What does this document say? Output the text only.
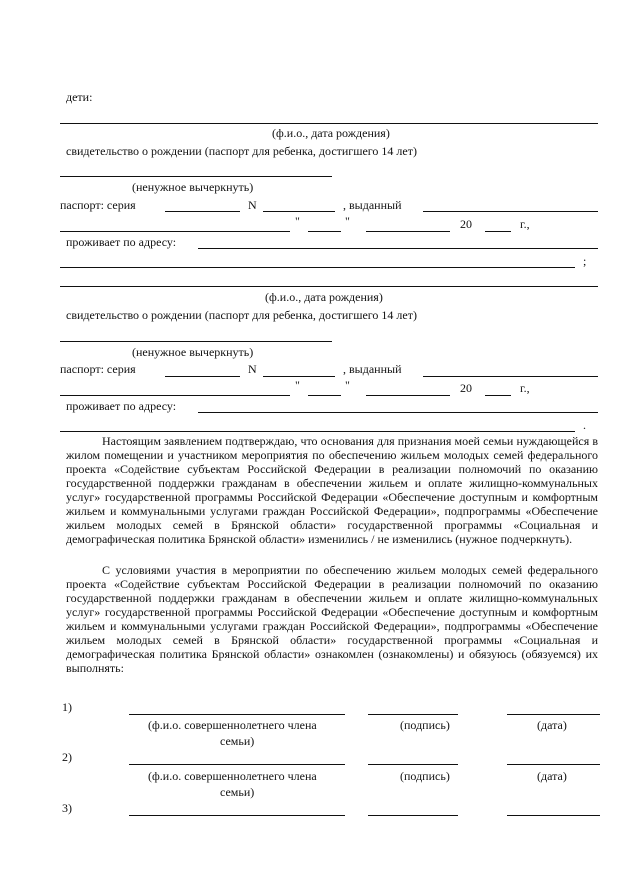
дети:
(ф.и.о., дата рождения)
свидетельство о рождении (паспорт для ребенка, достигшего 14 лет)
(ненужное вычеркнуть)
паспорт: серия	N	, выданный
"	"	20	г.,
проживает по адресу:
;
(ф.и.о., дата рождения)
свидетельство о рождении (паспорт для ребенка, достигшего 14 лет)
(ненужное вычеркнуть)
паспорт: серия	N	, выданный
"	"	20	г.,
проживает по адресу:
.
Настоящим заявлением подтверждаю, что основания для признания моей семьи нуждающейся в жилом помещении и участником мероприятия по обеспечению жильем молодых семей федерального проекта «Содействие субъектам Российской Федерации в реализации полномочий по оказанию государственной поддержки гражданам в обеспечении жильем и оплате жилищно-коммунальных услуг» государственной программы Российской Федерации «Обеспечение доступным и комфортным жильем и коммунальными услугами граждан Российской Федерации», подпрограммы «Обеспечение жильем молодых семей в Брянской области» государственной программы «Социальная и демографическая политика Брянской области» изменились / не изменились (нужное подчеркнуть).
С условиями участия в мероприятии по обеспечению жильем молодых семей федерального проекта «Содействие субъектам Российской Федерации в реализации полномочий по оказанию государственной поддержки гражданам в обеспечении жильем и оплате жилищно-коммунальных услуг» государственной программы Российской Федерации «Обеспечение доступным и комфортным жильем и коммунальными услугами граждан Российской Федерации», подпрограммы «Обеспечение жильем молодых семей в Брянской области» государственной программы «Социальная и демографическая политика Брянской области» ознакомлен (ознакомлены) и обязуюсь (обязуемся) их выполнять:
1)
(ф.и.о. совершеннолетнего члена
семьи)
(подпись)	(дата)
2)
(ф.и.о. совершеннолетнего члена
семьи)
(подпись)	(дата)
3)
